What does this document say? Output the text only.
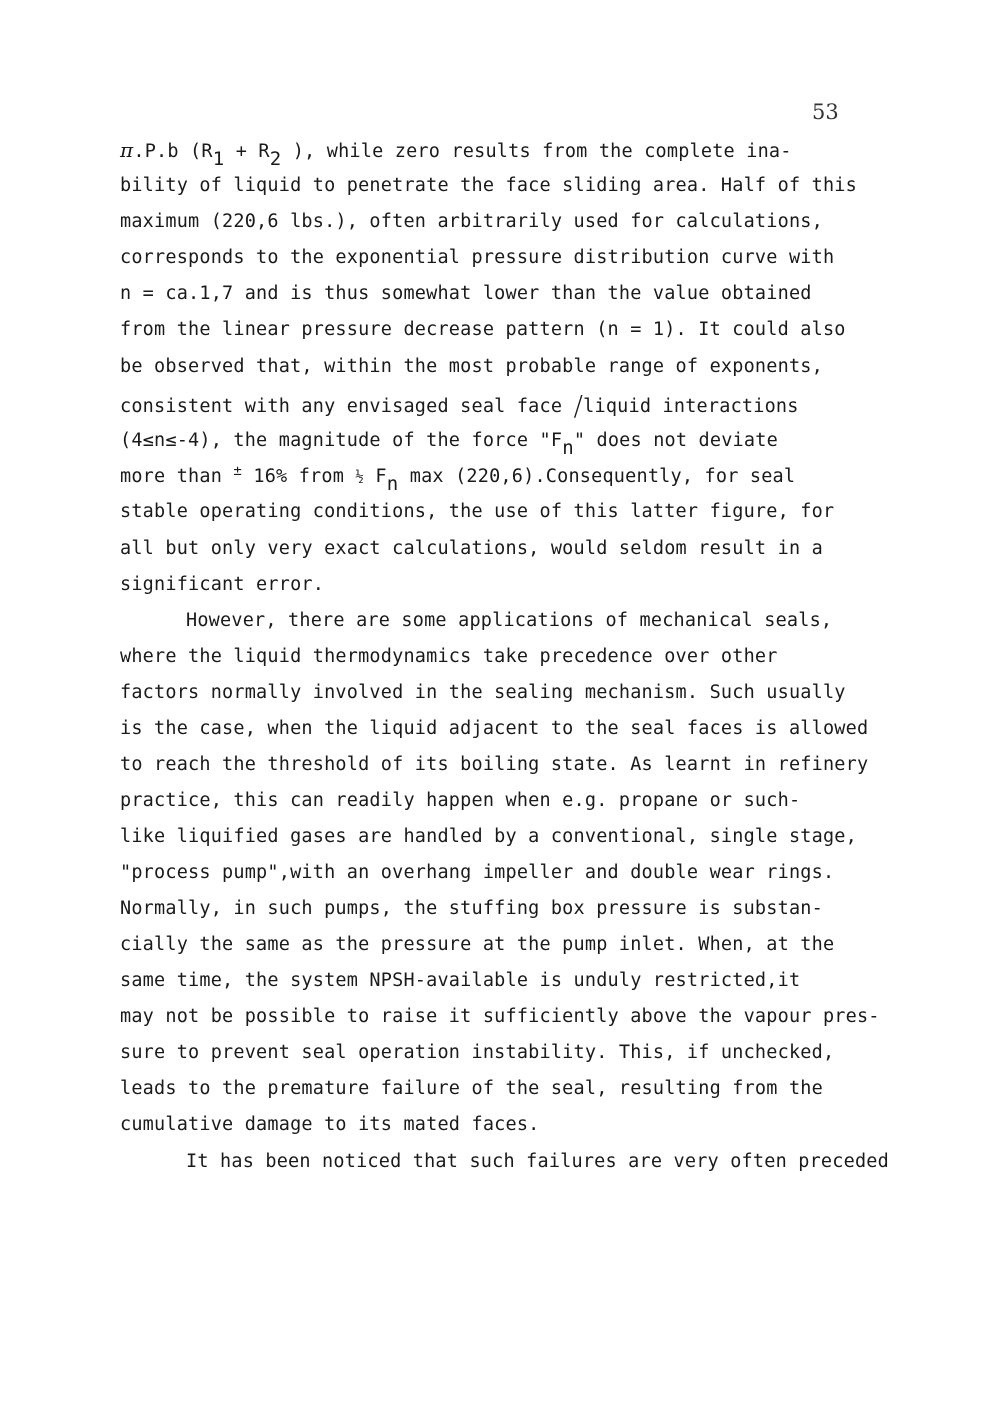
53
π.P.b (R1 + R2 ), while zero results from the complete ina-
bility of liquid to penetrate the face sliding area. Half of this
maximum (220,6 lbs.), often arbitrarily used for calculations,
corresponds to the exponential pressure distribution curve with
n = ca.1,7 and is thus somewhat lower than the value obtained
from the linear pressure decrease pattern (n = 1). It could also
be observed that, within the most probable range of exponents,
consistent with any envisaged seal face /liquid interactions
(4≤n≤-4), the magnitude of the force "Fn" does not deviate
more than ± 16% from ½ Fn max (220,6).Consequently, for seal
stable operating conditions, the use of this latter figure, for
all but only very exact calculations, would seldom result in a
significant error.
However, there are some applications of mechanical seals,
where the liquid thermodynamics take precedence over other
factors normally involved in the sealing mechanism. Such usually
is the case, when the liquid adjacent to the seal faces is allowed
to reach the threshold of its boiling state. As learnt in refinery
practice, this can readily happen when e.g. propane or such-
like liquified gases are handled by a conventional, single stage,
"process pump",with an overhang impeller and double wear rings.
Normally, in such pumps, the stuffing box pressure is substan-
cially the same as the pressure at the pump inlet. When, at the
same time, the system NPSH-available is unduly restricted,it
may not be possible to raise it sufficiently above the vapour pres-
sure to prevent seal operation instability. This, if unchecked,
leads to the premature failure of the seal, resulting from the
cumulative damage to its mated faces.
It has been noticed that such failures are very often preceded
